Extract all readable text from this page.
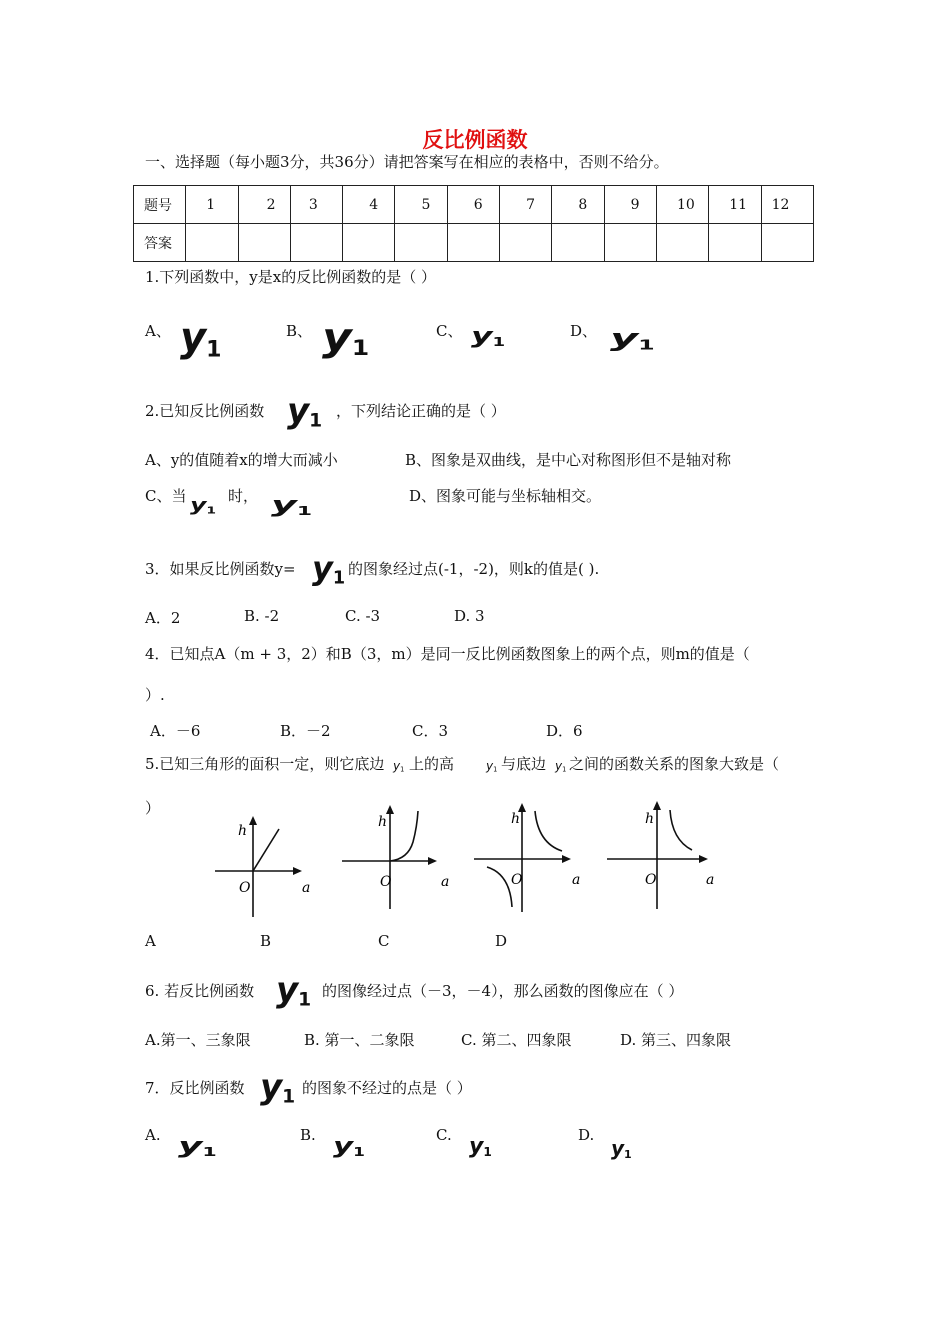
反比例函数
一、选择题（每小题3分，共36分）请把答案写在相应的表格中，否则不给分。
题号	1	2	3	4	5	6	7	8	9	10	11	12
答案												
1.下列函数中，y是x的反比例函数的是（ ）
A、 $y_1$
B、 $y_1$
C、 $y_1$
D、 $y_1$
2.已知反比例函数 $y_1$ ，下列结论正确的是（ ）
A、y的值随着x的增大而减小	B、图象是双曲线，是中心对称图形但不是轴对称
C、当 $y_1$
时， $y_1$
D、图象可能与坐标轴相交。
3．如果反比例函数$y= y_1$ 的图象经过点(-1，-2)，则k的值是( ).
A．2	B. -2	C. -3	D. 3
4．已知点A（m + 3，2）和B（3，m）是同一反比例函数图象上的两个点，则m的值是（
）.
A．－6	B．－2	C．3	D．6
5.已知三角形的面积一定，则它底边 $y_1$ 上的高	$y_1$ 与底边 $y_1$ 之间的函数关系的图象大致是（
）
h
O	a
h
O	a
h
O	a
h
O	a
A	B	C	D
6. 若反比例函数 $y_1$ 的图像经过点（－3，－4），那么函数的图像应在（ ）
A.第一、三象限	B. 第一、二象限	C. 第二、四象限	D. 第三、四象限
7．反比例函数 $y_1$ 的图象不经过的点是（ ）
A. $y_1$
B. $y_1$
C. $y_1$
D.
$y_1$
